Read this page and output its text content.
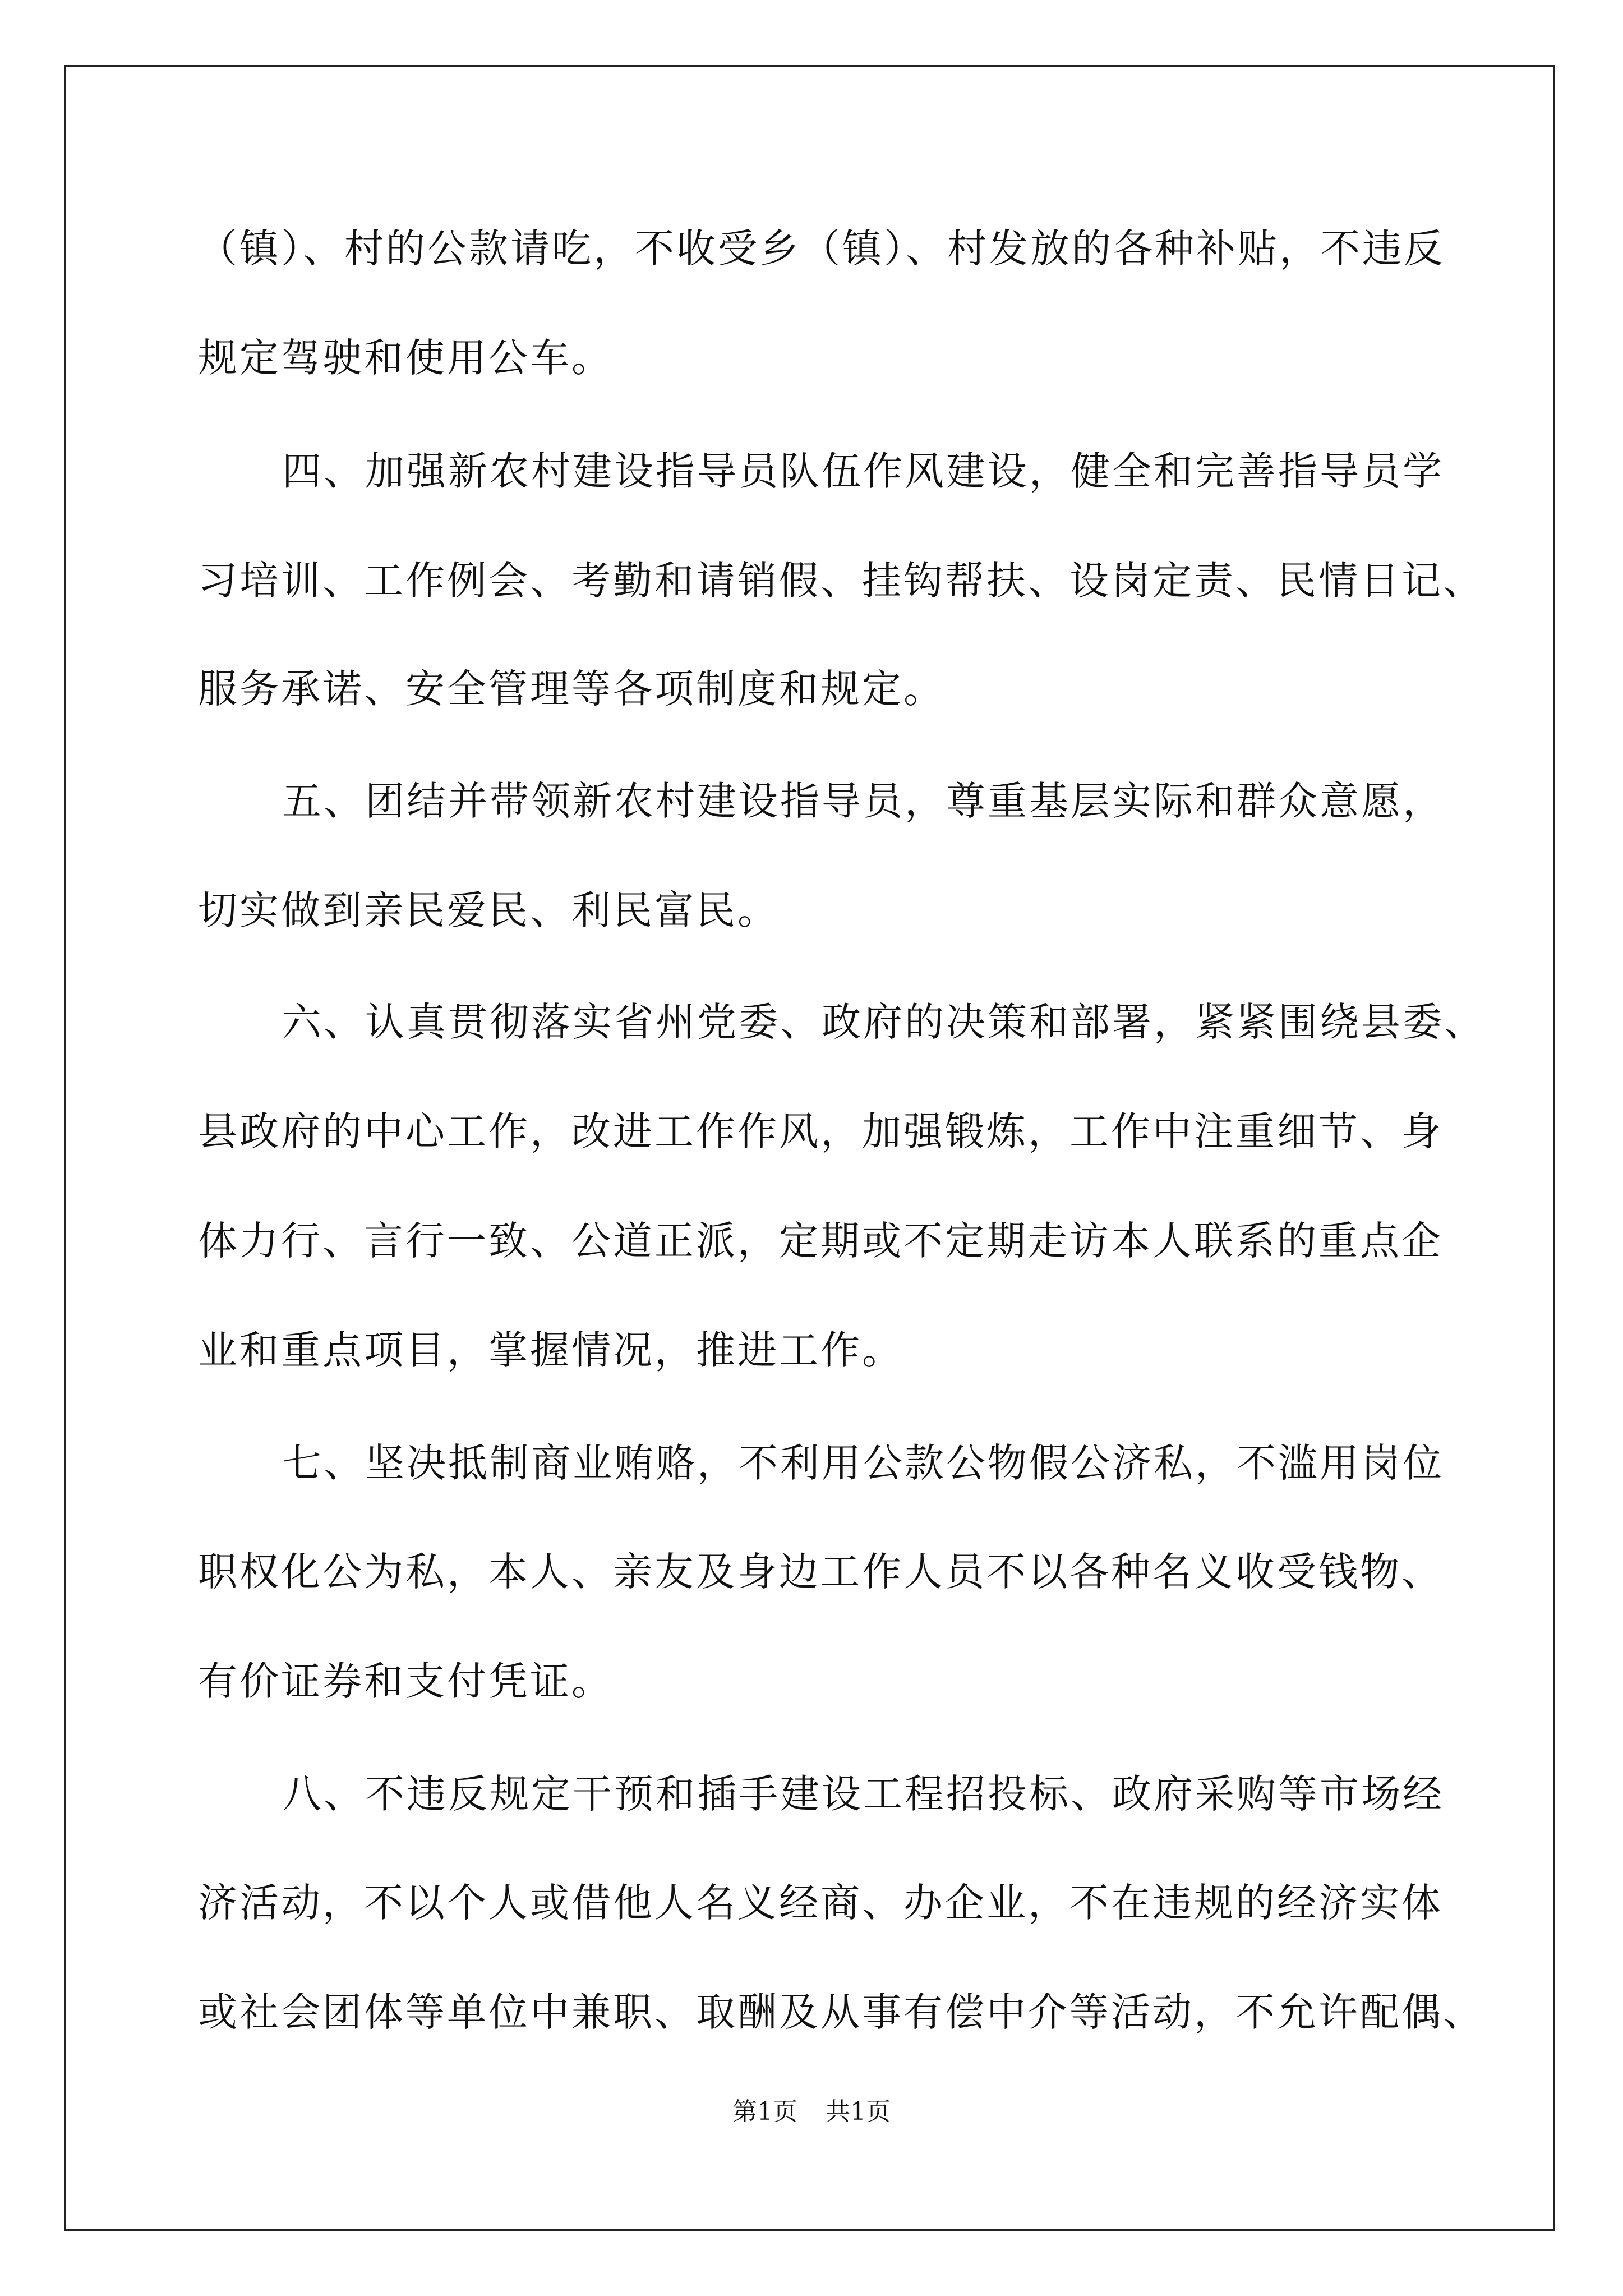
（镇）、村的公款请吃，不收受乡（镇）、村发放的各种补贴，不违反
规定驾驶和使用公车。
四、加强新农村建设指导员队伍作风建设，健全和完善指导员学
习培训、工作例会、考勤和请销假、挂钩帮扶、设岗定责、民情日记、
服务承诺、安全管理等各项制度和规定。
五、团结并带领新农村建设指导员，尊重基层实际和群众意愿，
切实做到亲民爱民、利民富民。
六、认真贯彻落实省州党委、政府的决策和部署，紧紧围绕县委、
县政府的中心工作，改进工作作风，加强锻炼，工作中注重细节、身
体力行、言行一致、公道正派，定期或不定期走访本人联系的重点企
业和重点项目，掌握情况，推进工作。
七、坚决抵制商业贿赂，不利用公款公物假公济私，不滥用岗位
职权化公为私，本人、亲友及身边工作人员不以各种名义收受钱物、
有价证券和支付凭证。
八、不违反规定干预和插手建设工程招投标、政府采购等市场经
济活动，不以个人或借他人名义经商、办企业，不在违规的经济实体
或社会团体等单位中兼职、取酬及从事有偿中介等活动，不允许配偶、
第1页 共1页
